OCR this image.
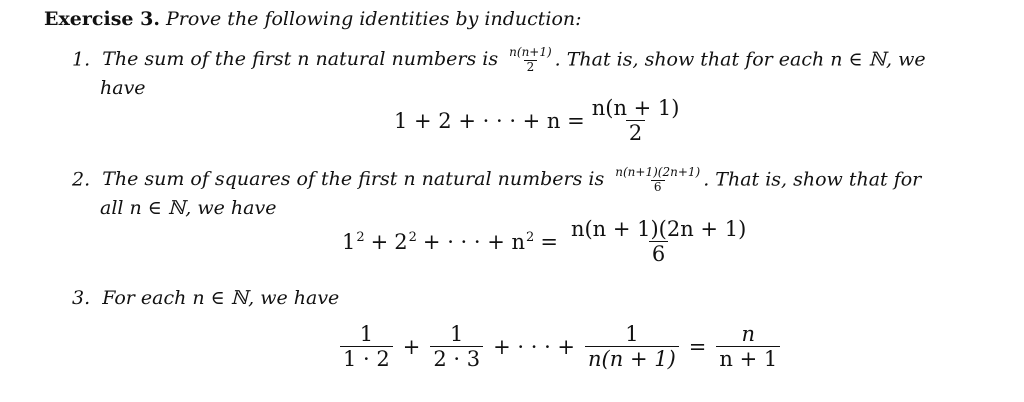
Exercise 3. Prove the following identities by induction:
1. The sum of the first n natural numbers is $\frac{n(n+1)}{2}$ . That is, show that for each n ∈ ℕ, we
have
1 + 2 + · · · + $n = \frac{n(n + 1)}{2}$
2. The sum of squares of the first n natural numbers is $\frac{n(n+1)(2n+1)}{6}$ . That is, show that for
all n ∈ ℕ, we have
$1^2 + 2^2$ + · · · + $n^2 = \frac{n(n + 1)(2n + 1)}{6}$
3. For each n ∈ ℕ, we have
$\frac{1}{1 \cdot 2} + \frac{1}{2 \cdot 3}$ + · · · + $\frac{1}{n(n + 1)} = \frac{n}{n + 1}$
